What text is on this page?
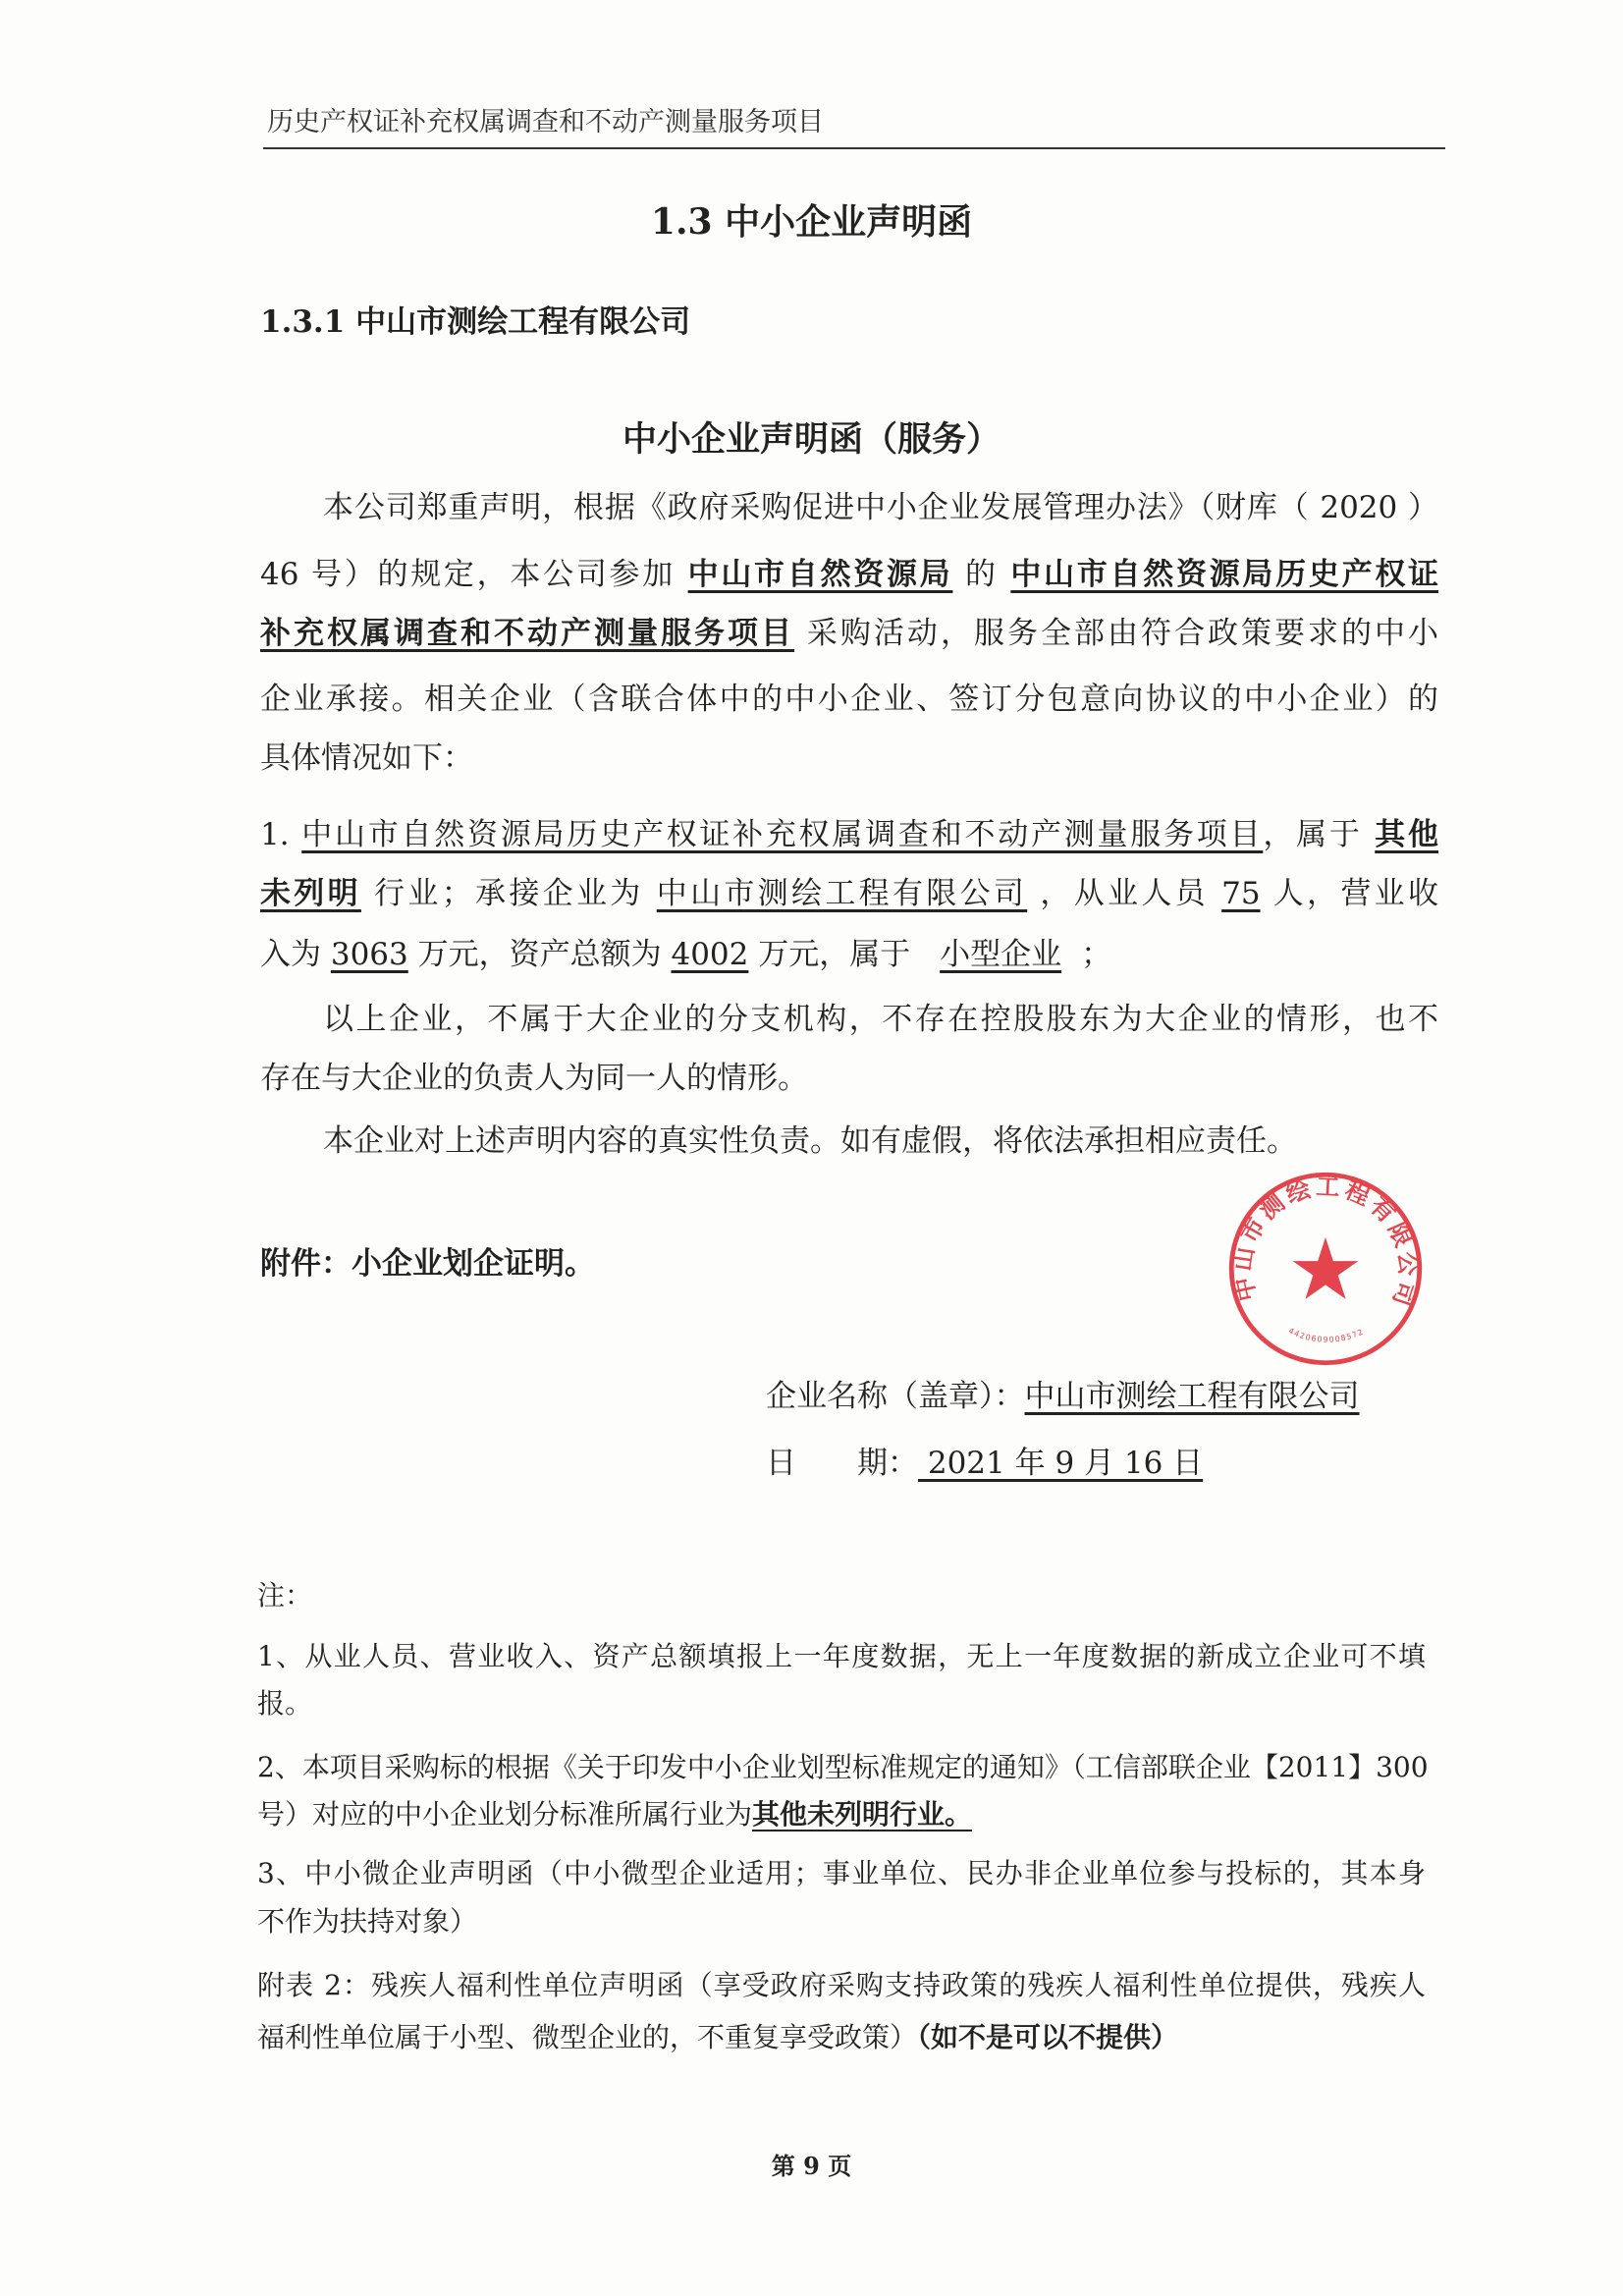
历史产权证补充权属调查和不动产测量服务项目
1.3 中小企业声明函
1.3.1 中山市测绘工程有限公司
中小企业声明函（服务）
本公司郑重声明，根据《政府采购促进中小企业发展管理办法》（财库（ 2020 ）
46 号）的规定，本公司参加 中山市自然资源局 的 中山市自然资源局历史产权证
补充权属调查和不动产测量服务项目 采购活动，服务全部由符合政策要求的中小
企业承接。相关企业（含联合体中的中小企业、签订分包意向协议的中小企业）的
具体情况如下：
1. 中山市自然资源局历史产权证补充权属调查和不动产测量服务项目，属于 其他
未列明 行业；承接企业为 中山市测绘工程有限公司 ，从业人员 75 人，营业收
入为 3063 万元，资产总额为 4002 万元，属于 小型企业 ；
以上企业，不属于大企业的分支机构，不存在控股股东为大企业的情形，也不
存在与大企业的负责人为同一人的情形。
本企业对上述声明内容的真实性负责。如有虚假，将依法承担相应责任。
附件：小企业划企证明。
企业名称（盖章）：中山市测绘工程有限公司
日　　期： 2021 年 9 月 16 日
中山市测绘工程有限公司
4420609008572
注：
1、从业人员、营业收入、资产总额填报上一年度数据，无上一年度数据的新成立企业可不填
报。
2、本项目采购标的根据《关于印发中小企业划型标准规定的通知》（工信部联企业【2011】300
号）对应的中小企业划分标准所属行业为其他未列明行业。
3、中小微企业声明函（中小微型企业适用；事业单位、民办非企业单位参与投标的，其本身
不作为扶持对象）
附表 2：残疾人福利性单位声明函（享受政府采购支持政策的残疾人福利性单位提供，残疾人
福利性单位属于小型、微型企业的，不重复享受政策）（如不是可以不提供）
第 9 页
